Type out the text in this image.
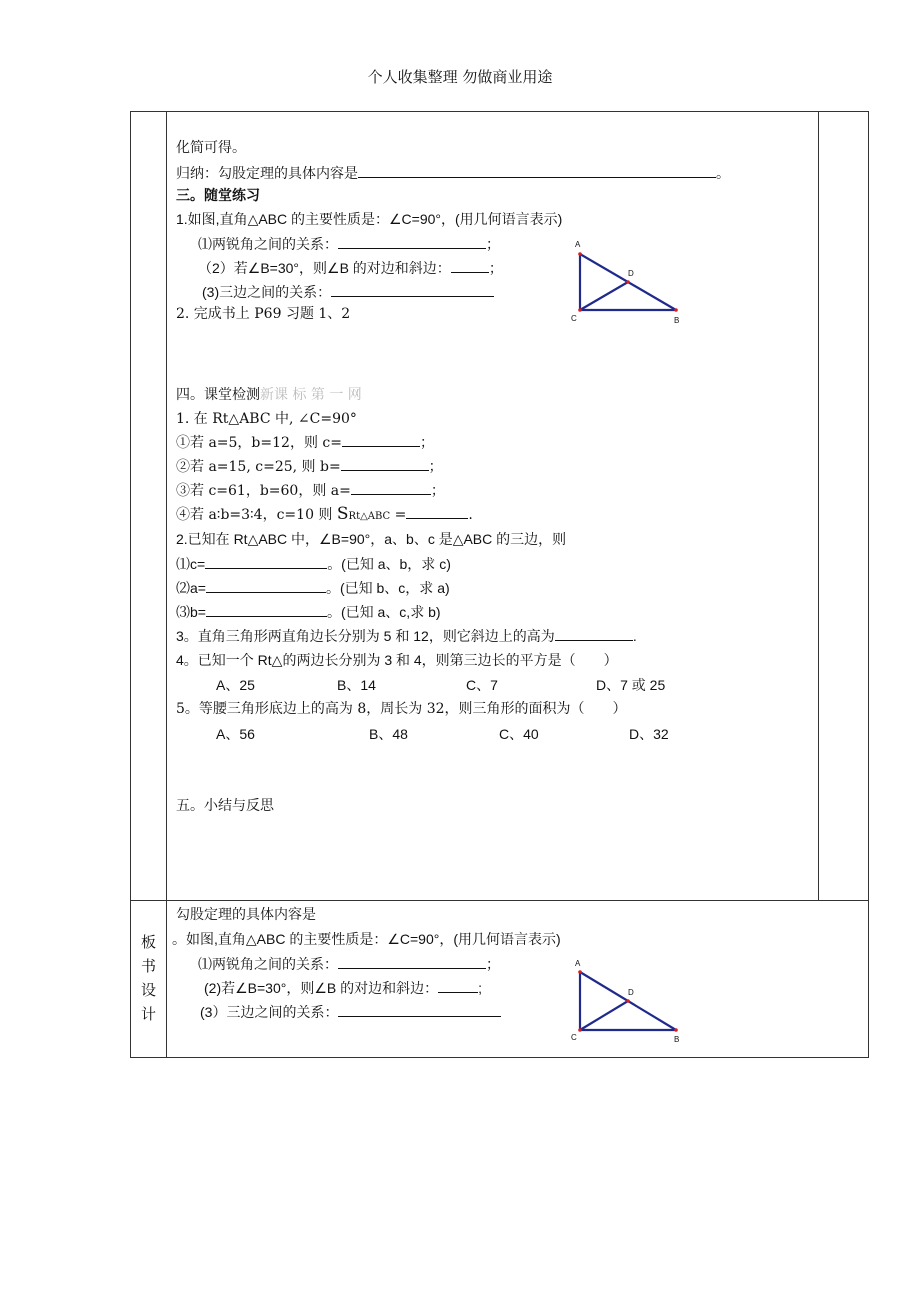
个人收集整理 勿做商业用途
化简可得。
归纳：勾股定理的具体内容是	。
三。随堂练习
1.如图,直角△ABC 的主要性质是：∠C=90°，(用几何语言表示)
⑴两锐角之间的关系：	；
（2）若∠B=30°，则∠B 的对边和斜边：	；
(3)三边之间的关系：
2. 完成书上 P69 习题 1、2
A
D
C	B
四。课堂检测新课 标 第 一 网
1. 在 Rt△ABC 中, ∠C=90°
①若 a=5，b=12，则 c=	；
②若 a=15, c=25, 则 b=	；
③若 c=61，b=60，则 a=	；
④若 a∶b=3∶4，c=10 则 SRt△ABC =	.
2.已知在 Rt△ABC 中，∠B=90°，a、b、c 是△ABC 的三边，则
⑴c=	。(已知 a、b，求 c)
⑵a=	。(已知 b、c，求 a)
⑶b=	。(已知 a、c,求 b)
3。直角三角形两直角边长分别为 5 和 12，则它斜边上的高为	.
4。已知一个 Rt△的两边长分别为 3 和 4，则第三边长的平方是（　　）
A、25	B、14	C、7	D、7 或 25
5。等腰三角形底边上的高为 8，周长为 32，则三角形的面积为（　　）
A、56	B、48	C、40	D、32
五。小结与反思
板
书
设
计
勾股定理的具体内容是
。如图,直角△ABC 的主要性质是：∠C=90°，(用几何语言表示)
⑴两锐角之间的关系：	；
(2)若∠B=30°，则∠B 的对边和斜边：	;
(3）三边之间的关系：
A
D
C	B
